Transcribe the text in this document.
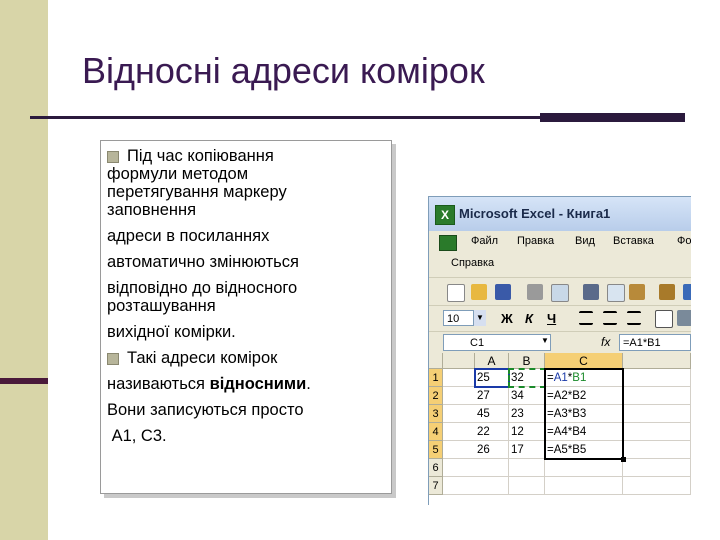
Відносні адреси комірок
Під час копіювання
формули методом
перетягування маркеру
заповнення
адреси в посиланнях
автоматично змінюються
відповідно до відносного
розташування
вихідної комірки.
Такі адреси комірок
називаються відносними.
Вони записуються просто
А1, С3.
X Microsoft Excel - Книга1
Файл Правка Вид Вставка Фо
Справка
10	▼ Ж К Ч
C1	▼	fx	=A1*B1
A	B	C
1	25	32	=A1*B1
2	27	34	=A2*B2
3	45	23	=A3*B3
4	22	12	=A4*B4
5	26	17	=A5*B5
6
7
